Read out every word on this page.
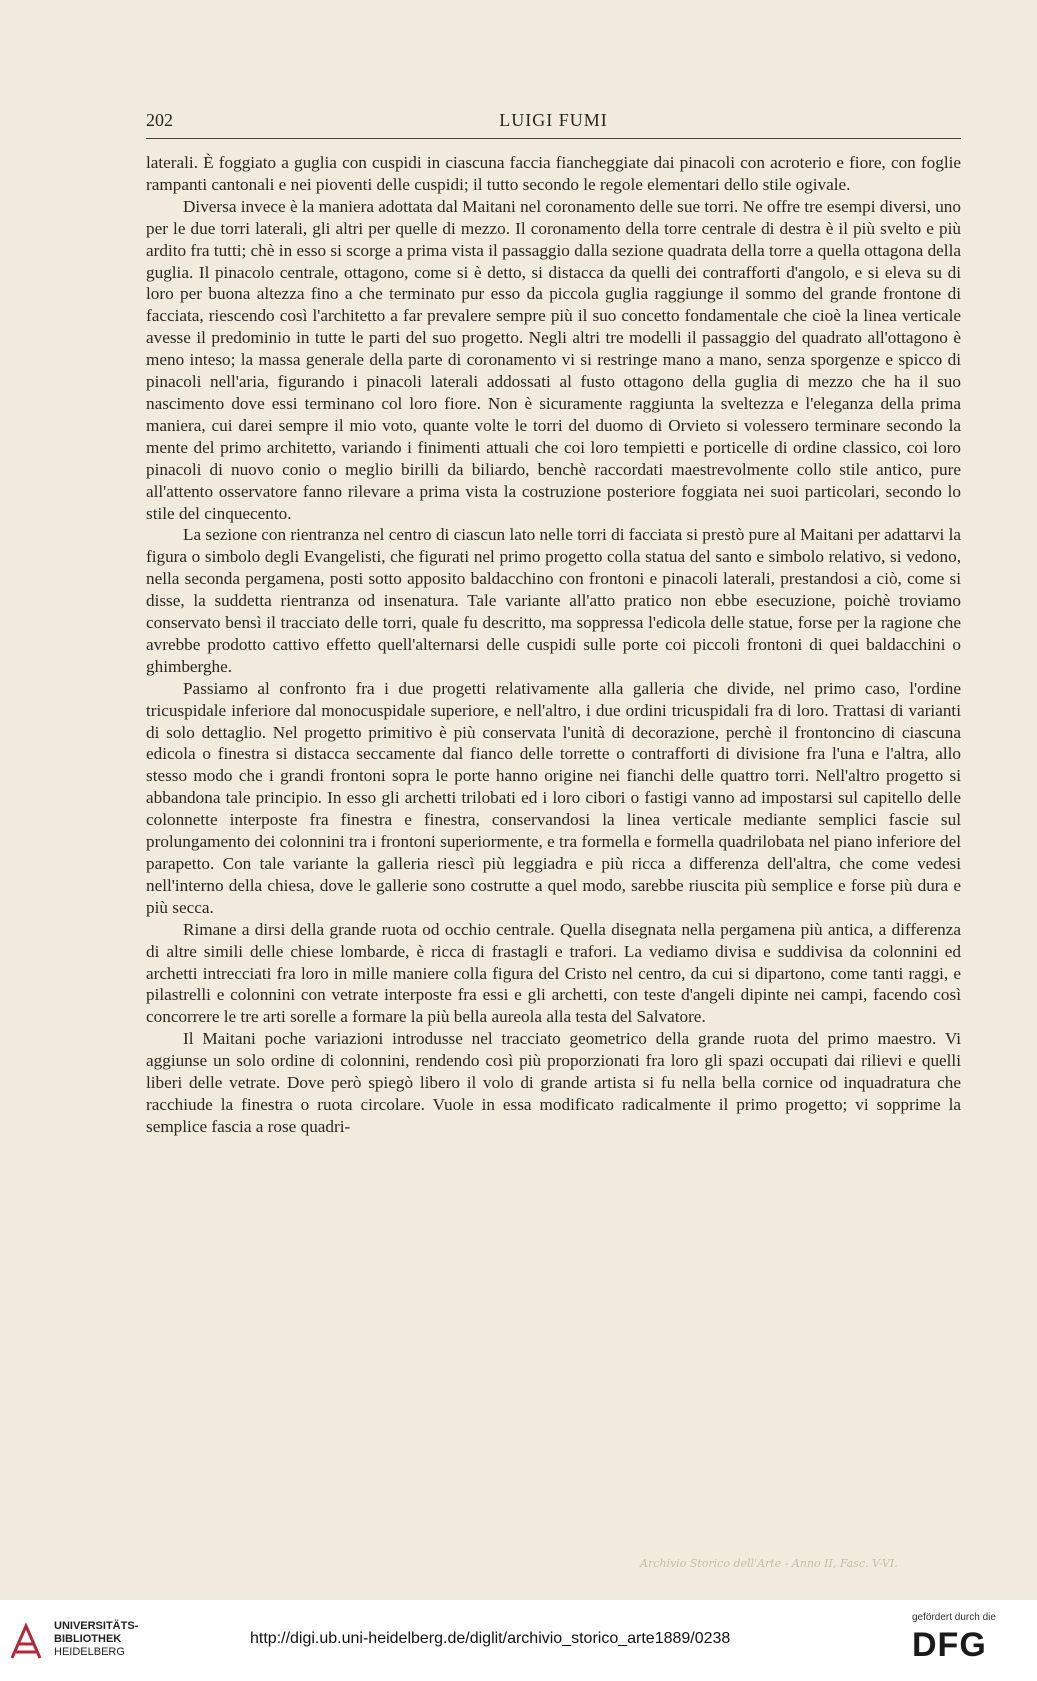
202	LUIGI FUMI

laterali. È foggiato a guglia con cuspidi in ciascuna faccia fiancheggiate dai pinacoli con acroterio e fiore, con foglie rampanti cantonali e nei pioventi delle cuspidi; il tutto secondo le regole elementari dello stile ogivale.

Diversa invece è la maniera adottata dal Maitani nel coronamento delle sue torri. Ne offre tre esempi diversi, uno per le due torri laterali, gli altri per quelle di mezzo. Il coronamento della torre centrale di destra è il più svelto e più ardito fra tutti; chè in esso si scorge a prima vista il passaggio dalla sezione quadrata della torre a quella ottagona della guglia. Il pinacolo centrale, ottagono, come si è detto, si distacca da quelli dei contrafforti d'angolo, e si eleva su di loro per buona altezza fino a che terminato pur esso da piccola guglia raggiunge il sommo del grande frontone di facciata, riescendo così l'architetto a far prevalere sempre più il suo concetto fondamentale che cioè la linea verticale avesse il predominio in tutte le parti del suo progetto. Negli altri tre modelli il passaggio del quadrato all'ottagono è meno inteso; la massa generale della parte di coronamento vi si restringe mano a mano, senza sporgenze e spicco di pinacoli nell'aria, figurando i pinacoli laterali addossati al fusto ottagono della guglia di mezzo che ha il suo nascimento dove essi terminano col loro fiore. Non è sicuramente raggiunta la sveltezza e l'eleganza della prima maniera, cui darei sempre il mio voto, quante volte le torri del duomo di Orvieto si volessero terminare secondo la mente del primo architetto, variando i finimenti attuali che coi loro tempietti e porticelle di ordine classico, coi loro pinacoli di nuovo conio o meglio birilli da biliardo, benchè raccordati maestrevolmente collo stile antico, pure all'attento osservatore fanno rilevare a prima vista la costruzione posteriore foggiata nei suoi particolari, secondo lo stile del cinquecento.

La sezione con rientranza nel centro di ciascun lato nelle torri di facciata si prestò pure al Maitani per adattarvi la figura o simbolo degli Evangelisti, che figurati nel primo progetto colla statua del santo e simbolo relativo, si vedono, nella seconda pergamena, posti sotto apposito baldacchino con frontoni e pinacoli laterali, prestandosi a ciò, come si disse, la suddetta rientranza od insenatura. Tale variante all'atto pratico non ebbe esecuzione, poichè troviamo conservato bensì il tracciato delle torri, quale fu descritto, ma soppressa l'edicola delle statue, forse per la ragione che avrebbe prodotto cattivo effetto quell'alternarsi delle cuspidi sulle porte coi piccoli frontoni di quei baldacchini o ghimberghe.

Passiamo al confronto fra i due progetti relativamente alla galleria che divide, nel primo caso, l'ordine tricuspidale inferiore dal monocuspidale superiore, e nell'altro, i due ordini tricuspidali fra di loro. Trattasi di varianti di solo dettaglio. Nel progetto primitivo è più conservata l'unità di decorazione, perchè il frontoncino di ciascuna edicola o finestra si distacca seccamente dal fianco delle torrette o contrafforti di divisione fra l'una e l'altra, allo stesso modo che i grandi frontoni sopra le porte hanno origine nei fianchi delle quattro torri. Nell'altro progetto si abbandona tale principio. In esso gli archetti trilobati ed i loro cibori o fastigi vanno ad impostarsi sul capitello delle colonnette interposte fra finestra e finestra, conservandosi la linea verticale mediante semplici fascie sul prolungamento dei colonnini tra i frontoni superiormente, e tra formella e formella quadrilobata nel piano inferiore del parapetto. Con tale variante la galleria riescì più leggiadra e più ricca a differenza dell'altra, che come vedesi nell'interno della chiesa, dove le gallerie sono costrutte a quel modo, sarebbe riuscita più semplice e forse più dura e più secca.

Rimane a dirsi della grande ruota od occhio centrale. Quella disegnata nella pergamena più antica, a differenza di altre simili delle chiese lombarde, è ricca di frastagli e trafori. La vediamo divisa e suddivisa da colonnini ed archetti intrecciati fra loro in mille maniere colla figura del Cristo nel centro, da cui si dipartono, come tanti raggi, e pilastrelli e colonnini con vetrate interposte fra essi e gli archetti, con teste d'angeli dipinte nei campi, facendo così concorrere le tre arti sorelle a formare la più bella aureola alla testa del Salvatore.

Il Maitani poche variazioni introdusse nel tracciato geometrico della grande ruota del primo maestro. Vi aggiunse un solo ordine di colonnini, rendendo così più proporzionati fra loro gli spazi occupati dai rilievi e quelli liberi delle vetrate. Dove però spiegò libero il volo di grande artista si fu nella bella cornice od inquadratura che racchiude la finestra o ruota circolare. Vuole in essa modificato radicalmente il primo progetto; vi sopprime la semplice fascia a rose quadri-

Archivio Storico dell'Arte - Anno II, Fasc. V-VI.
UNIVERSITÄTS-
BIBLIOTHEK
HEIDELBERG
http://digi.ub.uni-heidelberg.de/diglit/archivio_storico_arte1889/0238
gefördert durch die
DFG
